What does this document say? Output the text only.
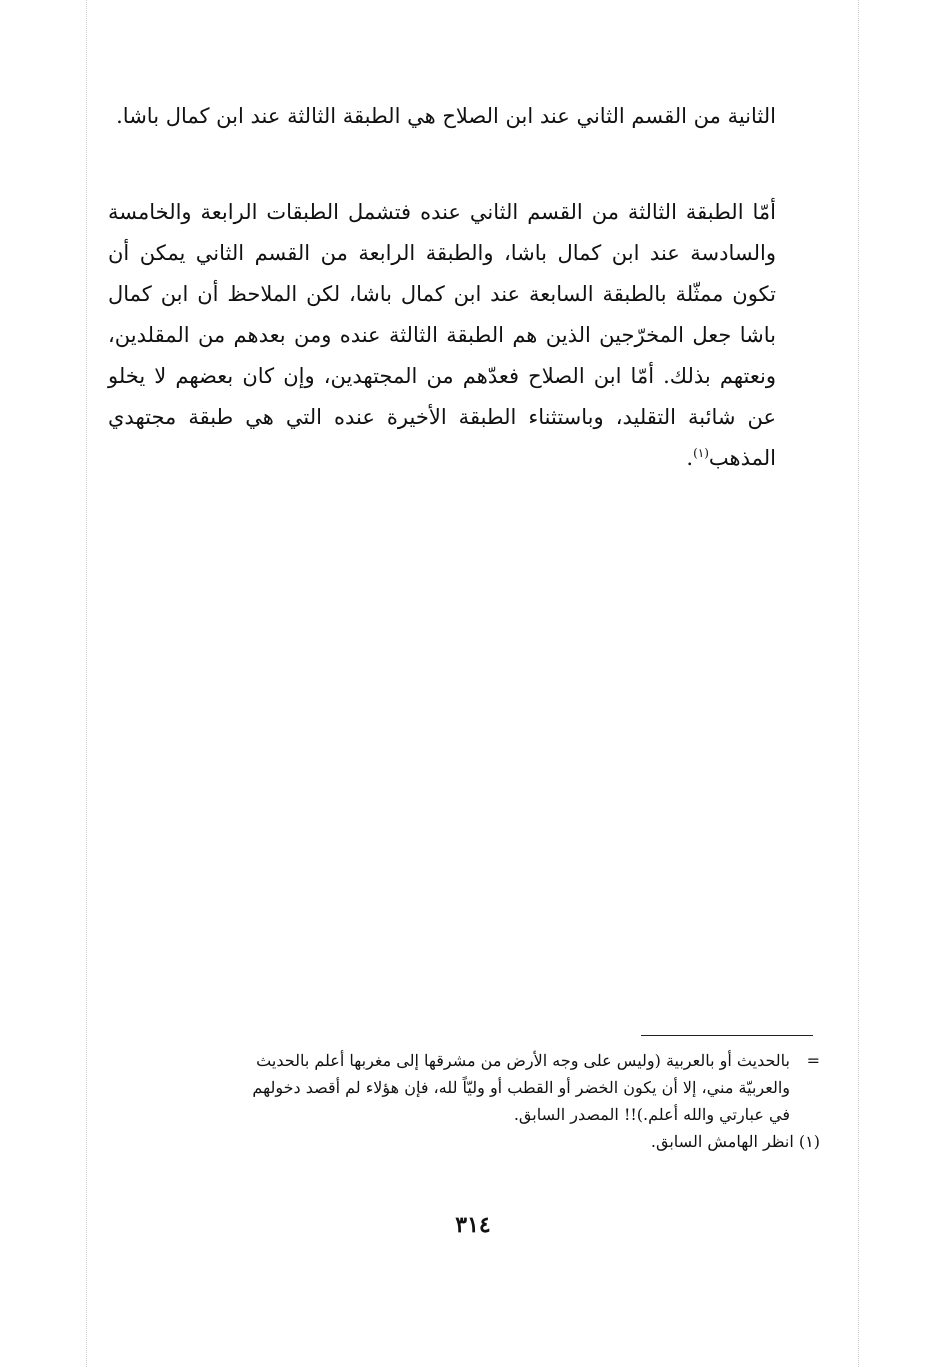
الثانية من القسم الثاني عند ابن الصلاح هي الطبقة الثالثة عند ابن كمال باشا.
أمّا الطبقة الثالثة من القسم الثاني عنده فتشمل الطبقات الرابعة والخامسة والسادسة عند ابن كمال باشا، والطبقة الرابعة من القسم الثاني يمكن أن تكون ممثّلة بالطبقة السابعة عند ابن كمال باشا، لكن الملاحظ أن ابن كمال باشا جعل المخرّجين الذين هم الطبقة الثالثة عنده ومن بعدهم من المقلدين، ونعتهم بذلك. أمّا ابن الصلاح فعدّهم من المجتهدين، وإن كان بعضهم لا يخلو عن شائبة التقليد، وباستثناء الطبقة الأخيرة عنده التي هي طبقة مجتهدي المذهب$^{(١)}$.
=
بالحديث أو بالعربية (وليس على وجه الأرض من مشرقها إلى مغربها أعلم بالحديث
والعربيّة مني، إلا أن يكون الخضر أو القطب أو وليّاً لله، فإن هؤلاء لم أقصد دخولهم
في عبارتي والله أعلم.)!! المصدر السابق.
(١) انظر الهامش السابق.
٣١٤
